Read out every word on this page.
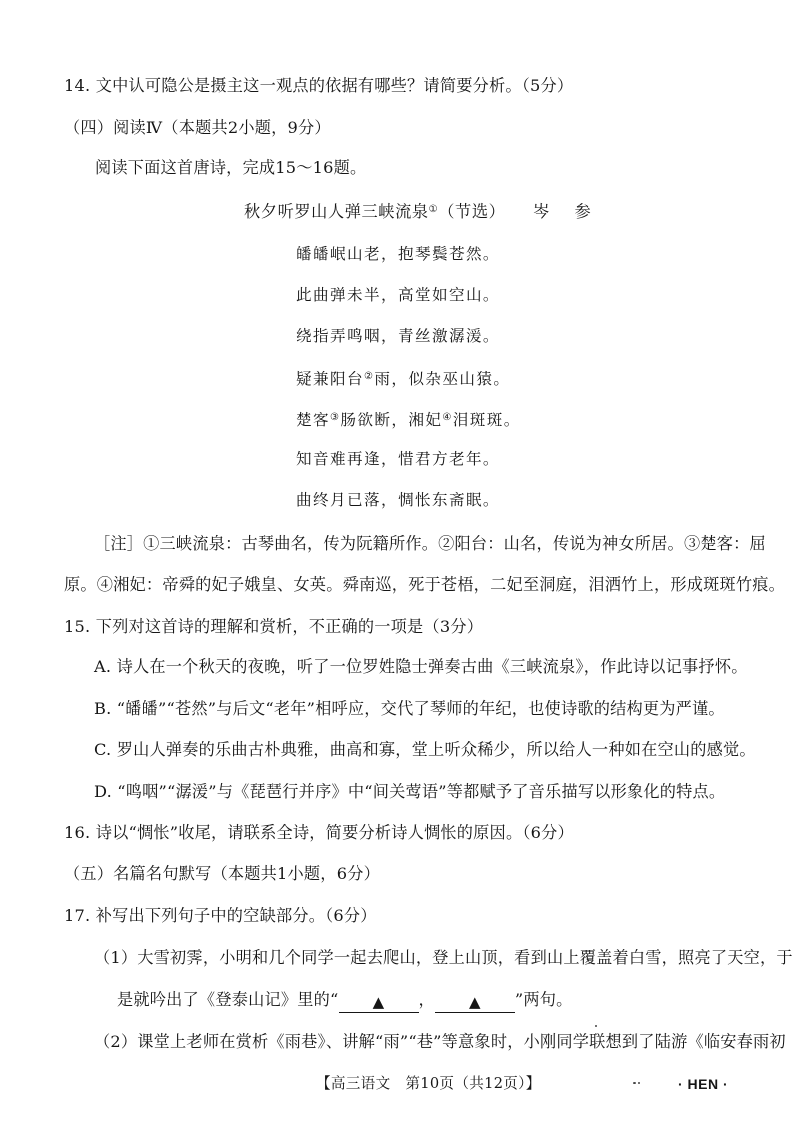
14. 文中认可隐公是摄主这一观点的依据有哪些？请简要分析。（5分）
（四）阅读Ⅳ（本题共2小题，9分）
阅读下面这首唐诗，完成15～16题。
秋夕听罗山人弹三峡流泉①（节选） 岑 参
皤皤岷山老，抱琴鬓苍然。
此曲弹未半，高堂如空山。
绕指弄鸣咽，青丝激潺湲。
疑兼阳台②雨，似杂巫山猿。
楚客③肠欲断，湘妃④泪斑斑。
知音难再逢，惜君方老年。
曲终月已落，惆怅东斋眠。
［注］①三峡流泉：古琴曲名，传为阮籍所作。②阳台：山名，传说为神女所居。③楚客：屈
原。④湘妃：帝舜的妃子娥皇、女英。舜南巡，死于苍梧，二妃至洞庭，泪洒竹上，形成斑斑竹痕。
15. 下列对这首诗的理解和赏析，不正确的一项是（3分）
A. 诗人在一个秋天的夜晚，听了一位罗姓隐士弹奏古曲《三峡流泉》，作此诗以记事抒怀。
B. “皤皤”“苍然”与后文“老年”相呼应，交代了琴师的年纪，也使诗歌的结构更为严谨。
C. 罗山人弹奏的乐曲古朴典雅，曲高和寡，堂上听众稀少，所以给人一种如在空山的感觉。
D. “鸣咽”“潺湲”与《琵琶行并序》中“间关莺语”等都赋予了音乐描写以形象化的特点。
16. 诗以“惆怅”收尾，请联系全诗，简要分析诗人惆怅的原因。（6分）
（五）名篇名句默写（本题共1小题，6分）
17. 补写出下列句子中的空缺部分。（6分）
（1）大雪初霁，小明和几个同学一起去爬山，登上山顶，看到山上覆盖着白雪，照亮了天空，于
是就吟出了《登泰山记》里的“ ▲ ， ▲ ”两句。
（2）课堂上老师在赏析《雨巷》、讲解“雨”“巷”等意象时，小刚同学联想到了陆游《临安春雨初
【高三语文　第10页（共12页）】	· HEN ·
